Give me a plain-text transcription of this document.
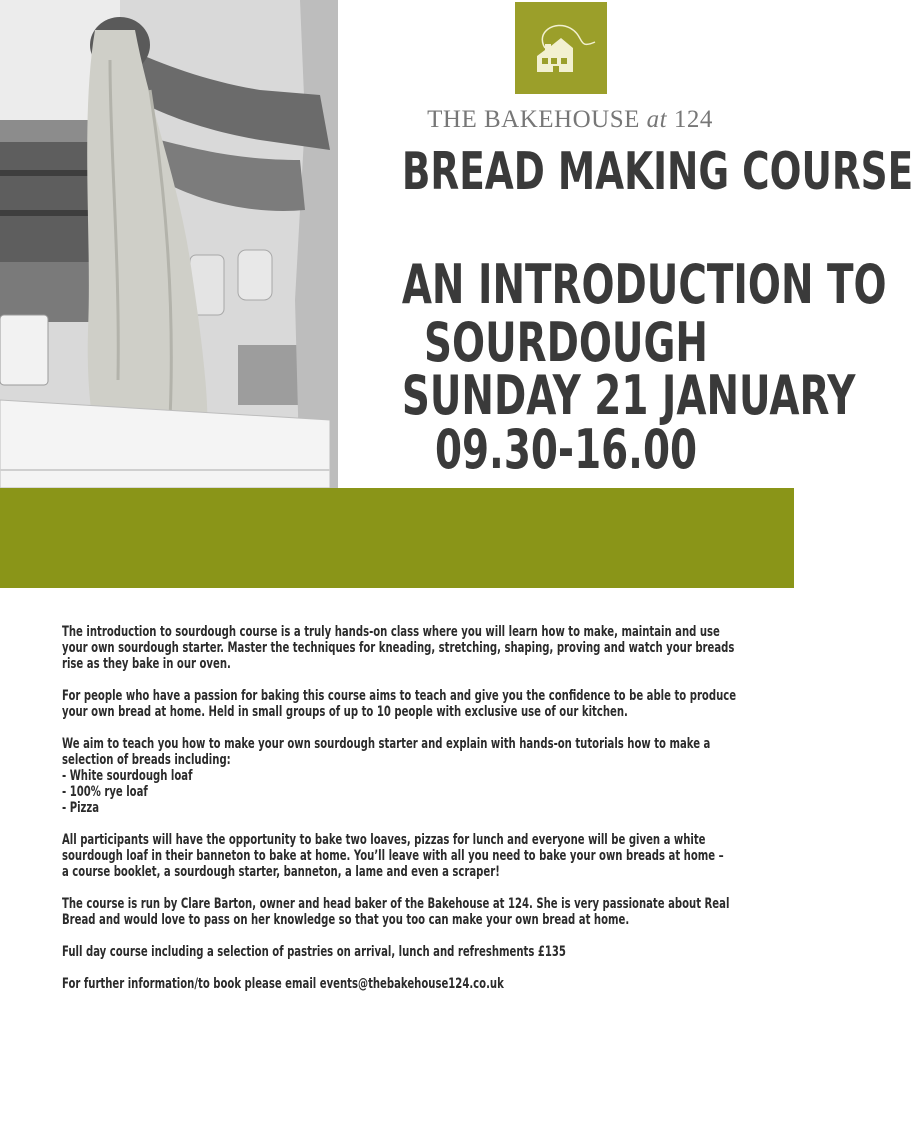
THE BAKEHOUSE at 124
BREAD MAKING COURSE
AN INTRODUCTION TO
SOURDOUGH
SUNDAY 21 JANUARY
09.30-16.00

The introduction to sourdough course is a truly hands-on class where you will learn how to make, maintain and use
your own sourdough starter. Master the techniques for kneading, stretching, shaping, proving and watch your breads
rise as they bake in our oven.

For people who have a passion for baking this course aims to teach and give you the confidence to be able to produce
your own bread at home. Held in small groups of up to 10 people with exclusive use of our kitchen.

We aim to teach you how to make your own sourdough starter and explain with hands-on tutorials how to make a
selection of breads including:
- White sourdough loaf
- 100% rye loaf
- Pizza

All participants will have the opportunity to bake two loaves, pizzas for lunch and everyone will be given a white
sourdough loaf in their banneton to bake at home. You’ll leave with all you need to bake your own breads at home –
a course booklet, a sourdough starter, banneton, a lame and even a scraper!

The course is run by Clare Barton, owner and head baker of the Bakehouse at 124. She is very passionate about Real
Bread and would love to pass on her knowledge so that you too can make your own bread at home.

Full day course including a selection of pastries on arrival, lunch and refreshments £135

For further information/to book please email events@thebakehouse124.co.uk
